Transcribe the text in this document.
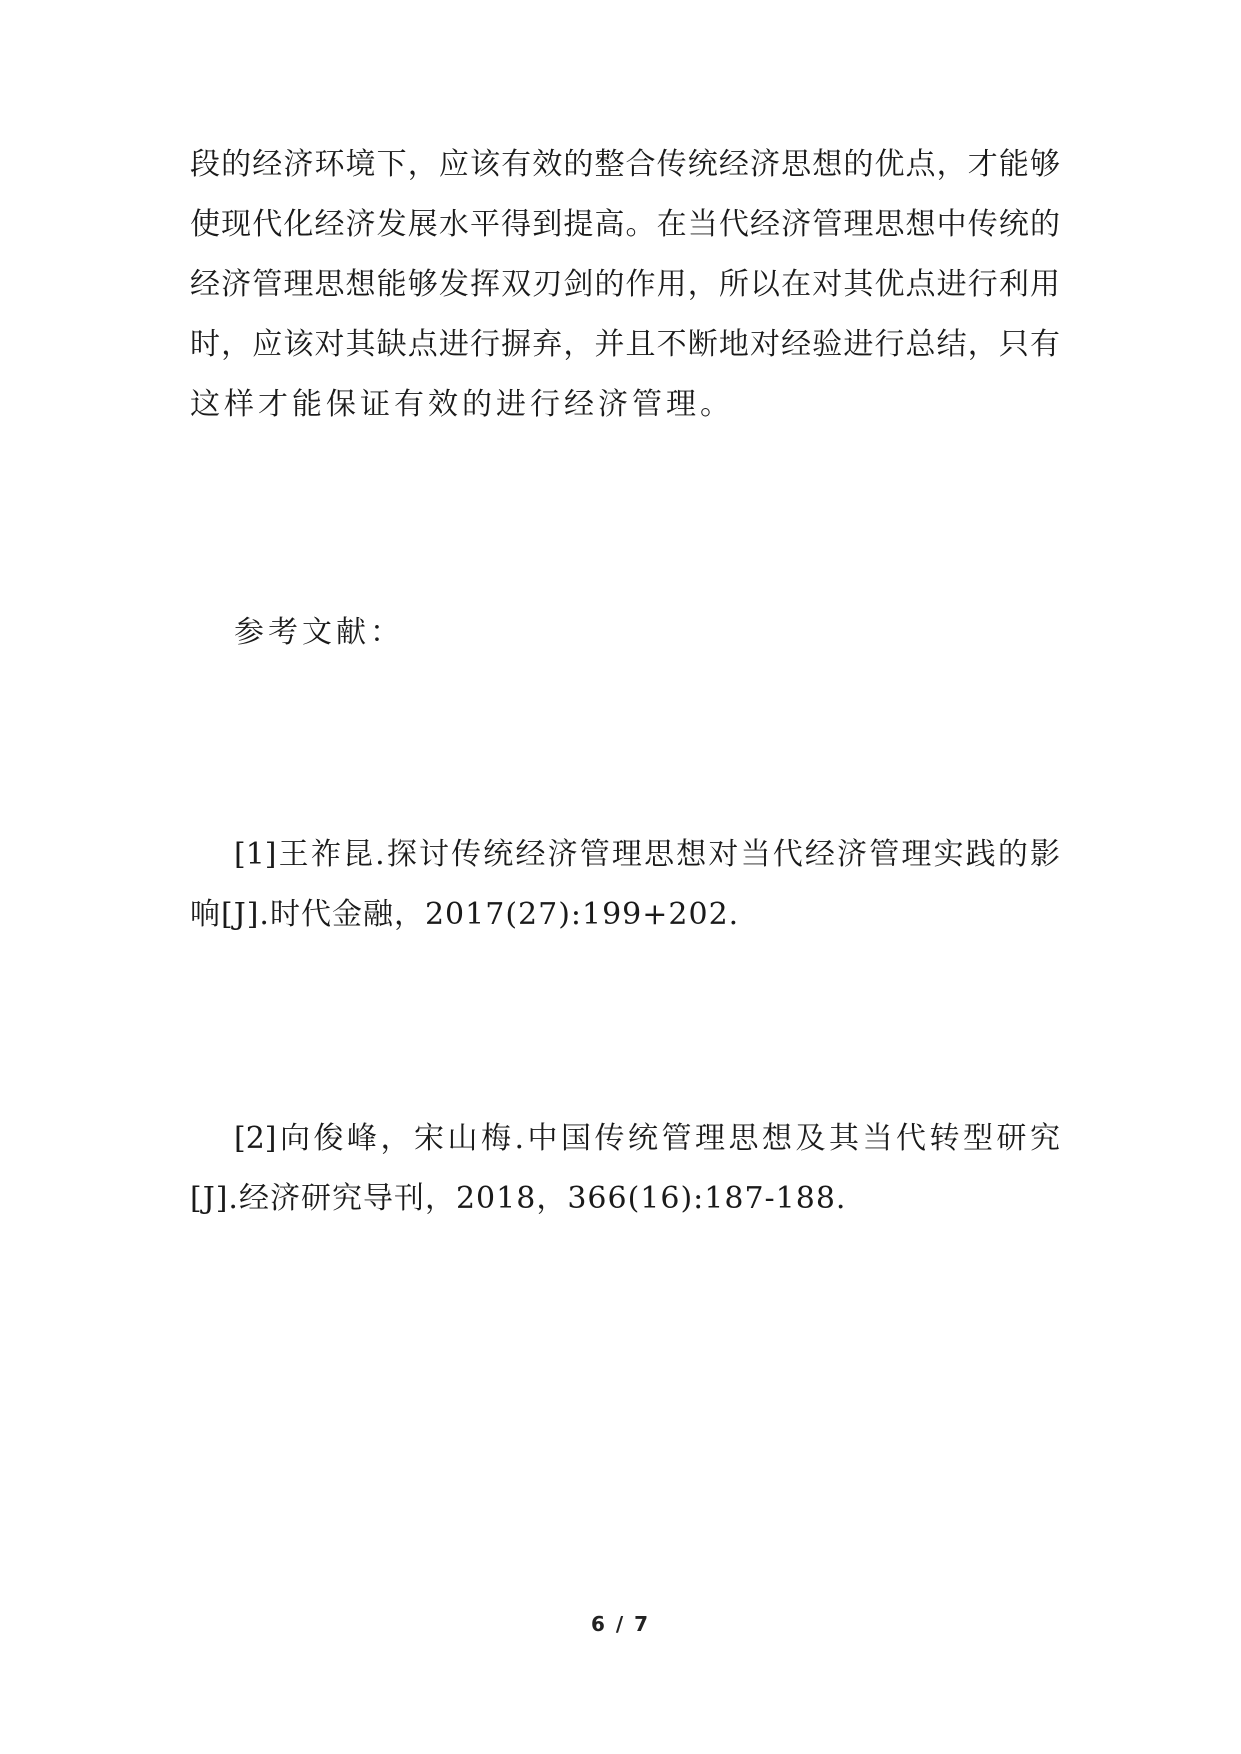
段的经济环境下，应该有效的整合传统经济思想的优点，才能够
使现代化经济发展水平得到提高。在当代经济管理思想中传统的
经济管理思想能够发挥双刃剑的作用，所以在对其优点进行利用
时，应该对其缺点进行摒弃，并且不断地对经验进行总结，只有
这样才能保证有效的进行经济管理。
参考文献：
[1]王祚昆.探讨传统经济管理思想对当代经济管理实践的影
响[J].时代金融，2017(27):199+202.
[2]向俊峰，宋山梅.中国传统管理思想及其当代转型研究
[J].经济研究导刊，2018，366(16):187-188.
6 / 7
